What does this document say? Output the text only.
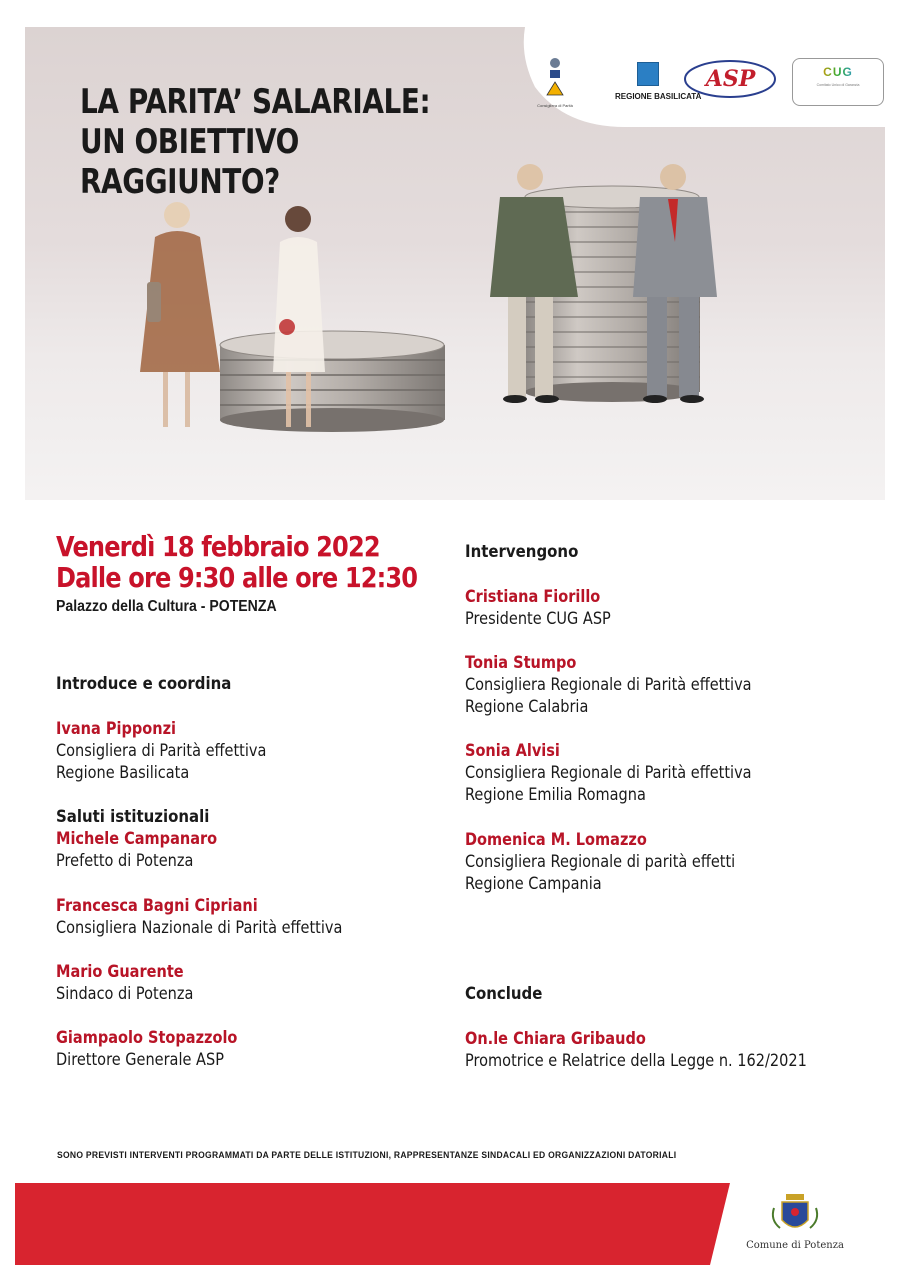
LA PARITA’ SALARIALE:
UN OBIETTIVO
RAGGIUNTO?
Consigliera di Parità
REGIONE BASILICATA
ASP	CUG
Comitato Unico di Garanzia
Venerdì 18 febbraio 2022
Dalle ore 9:30 alle ore 12:30
Palazzo della Cultura - POTENZA
Introduce e coordina
Ivana Pipponzi
Consigliera di Parità effettiva
Regione Basilicata
Saluti istituzionali
Michele Campanaro
Prefetto di Potenza
Francesca Bagni Cipriani
Consigliera Nazionale di Parità effettiva
Mario Guarente
Sindaco di Potenza
Giampaolo Stopazzolo
Direttore Generale ASP
Intervengono
Cristiana Fiorillo
Presidente CUG ASP
Tonia Stumpo
Consigliera Regionale di Parità effettiva
Regione Calabria
Sonia Alvisi
Consigliera Regionale di Parità effettiva
Regione Emilia Romagna
Domenica M. Lomazzo
Consigliera Regionale di parità effetti
Regione Campania
Conclude
On.le Chiara Gribaudo
Promotrice e Relatrice della Legge n. 162/2021
SONO PREVISTI INTERVENTI PROGRAMMATI DA PARTE DELLE ISTITUZIONI, RAPPRESENTANZE SINDACALI ED ORGANIZZAZIONI DATORIALI
Comune di Potenza
